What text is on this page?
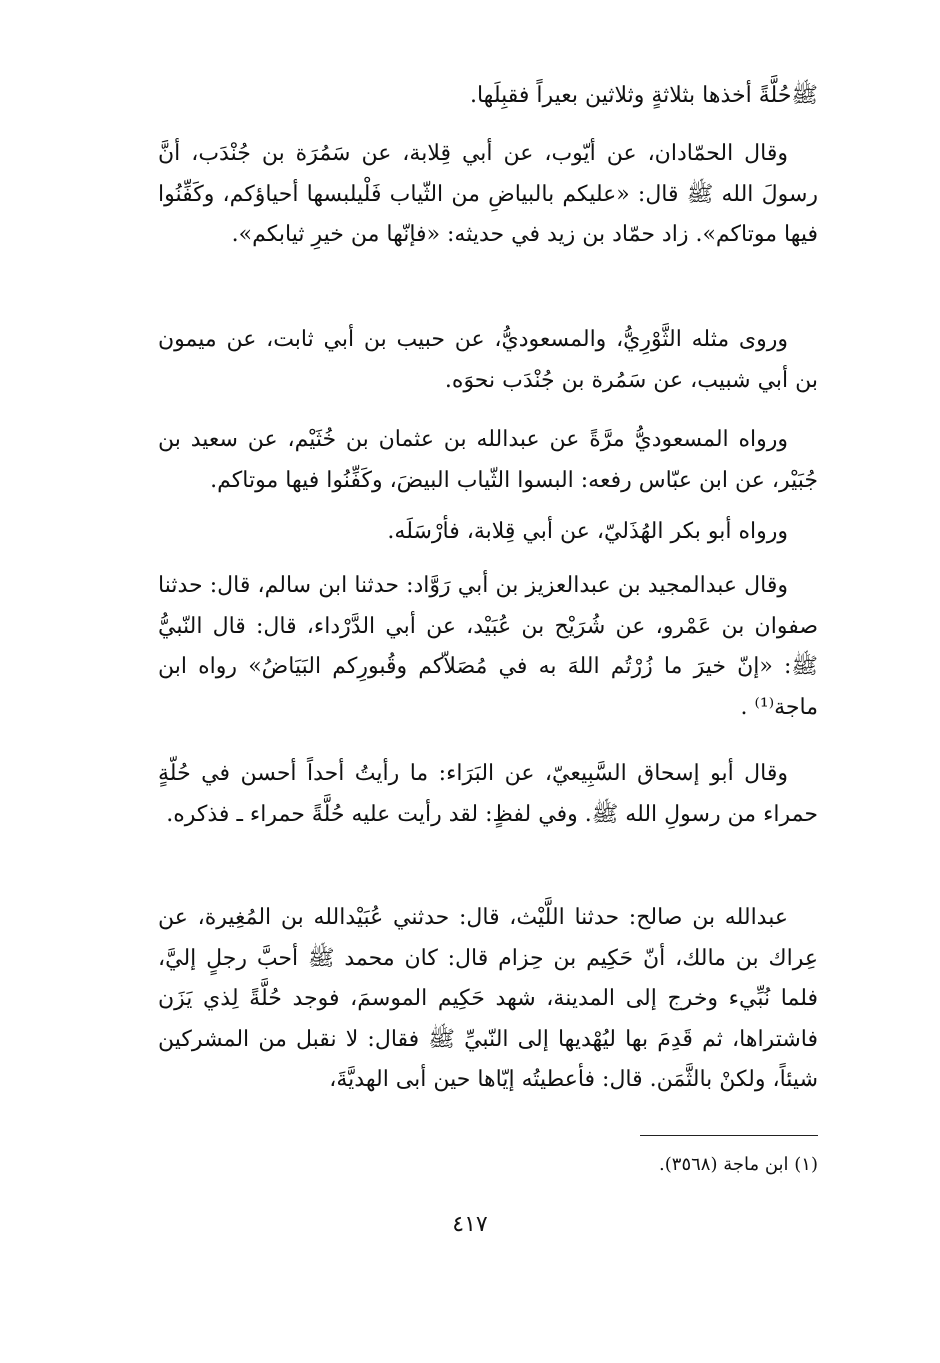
ﷺحُلَّةً أخذها بثلاثةٍ وثلاثين بعيراً فقبِلَها.

وقال الحمّادان، عن أيّوب، عن أبي قِلابة، عن سَمُرَة بن جُنْدَب، أنَّ رسولَ الله ﷺ قال: «عليكم بالبياضِ من الثّياب فَلْيلبسها أحياؤكم، وكَفِّنُوا فيها موتاكم». زاد حمّاد بن زيد في حديثه: «فإنّها من خيرِ ثيابكم».

وروى مثله الثَّوْرِيُّ، والمسعوديُّ، عن حبيب بن أبي ثابت، عن ميمون بن أبي شبيب، عن سَمُرة بن جُنْدَب نحوَه.

ورواه المسعوديُّ مرَّةً عن عبدالله بن عثمان بن خُثَيْم، عن سعيد بن جُبَيْر، عن ابن عبّاس رفعه: البسوا الثّياب البيضَ، وكَفِّنُوا فيها موتاكم.

ورواه أبو بكر الهُذَليّ، عن أبي قِلابة، فأرْسَلَه.

وقال عبدالمجيد بن عبدالعزيز بن أبي رَوَّاد: حدثنا ابن سالم، قال: حدثنا صفوان بن عَمْرو، عن شُرَيْح بن عُبَيْد، عن أبي الدَّرْداء، قال: قال النّبيُّ ﷺ: «إنّ خيرَ ما زُرْتُم اللهَ به في مُصَلاّكم وقُبورِكم البَيَاضُ» رواه ابن ماجة⁽¹⁾ .

وقال أبو إسحاق السَّبِيعيّ، عن البَرَاء: ما رأيتُ أحداً أحسن في حُلّةٍ حمراء من رسولِ الله ﷺ. وفي لفظٍ: لقد رأيت عليه حُلَّةً حمراء ـ فذكره.

عبدالله بن صالح: حدثنا اللَّيْث، قال: حدثني عُبَيْدالله بن المُغِيرة، عن عِراك بن مالك، أنّ حَكِيم بن حِزام قال: كان محمد ﷺ أحبَّ رجلٍ إليَّ، فلما نُبِّيء وخرج إلى المدينة، شهد حَكِيم الموسمَ، فوجد حُلَّةً لِذي يَزَن فاشتراها، ثم قَدِمَ بها ليُهْديها إلى النّبيِّ ﷺ فقال: لا نقبل من المشركين شيئاً، ولكنْ بالثَّمَن. قال: فأعطيتُه إيّاها حين أبى الهديَّةَ،

(١) ابن ماجة (٣٥٦٨).
٤١٧
